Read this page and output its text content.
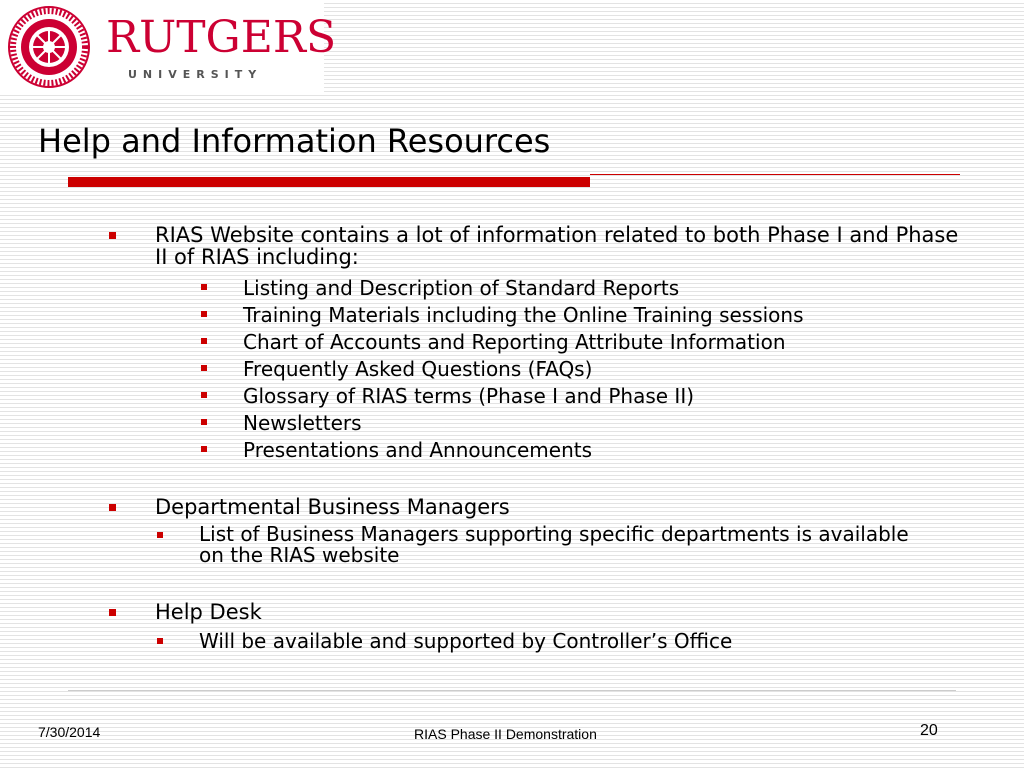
RUTGERS
UNIVERSITY
Help and Information Resources
RIAS Website contains a lot of information related to both Phase I and Phase II of RIAS including:
Listing and Description of Standard Reports
Training Materials including the Online Training sessions
Chart of Accounts and Reporting Attribute Information
Frequently Asked Questions (FAQs)
Glossary of RIAS terms (Phase I and Phase II)
Newsletters
Presentations and Announcements
Departmental Business Managers
List of Business Managers supporting specific departments is available on the RIAS website
Help Desk
Will be available and supported by Controller’s Office
7/30/2014	RIAS Phase II Demonstration	20
